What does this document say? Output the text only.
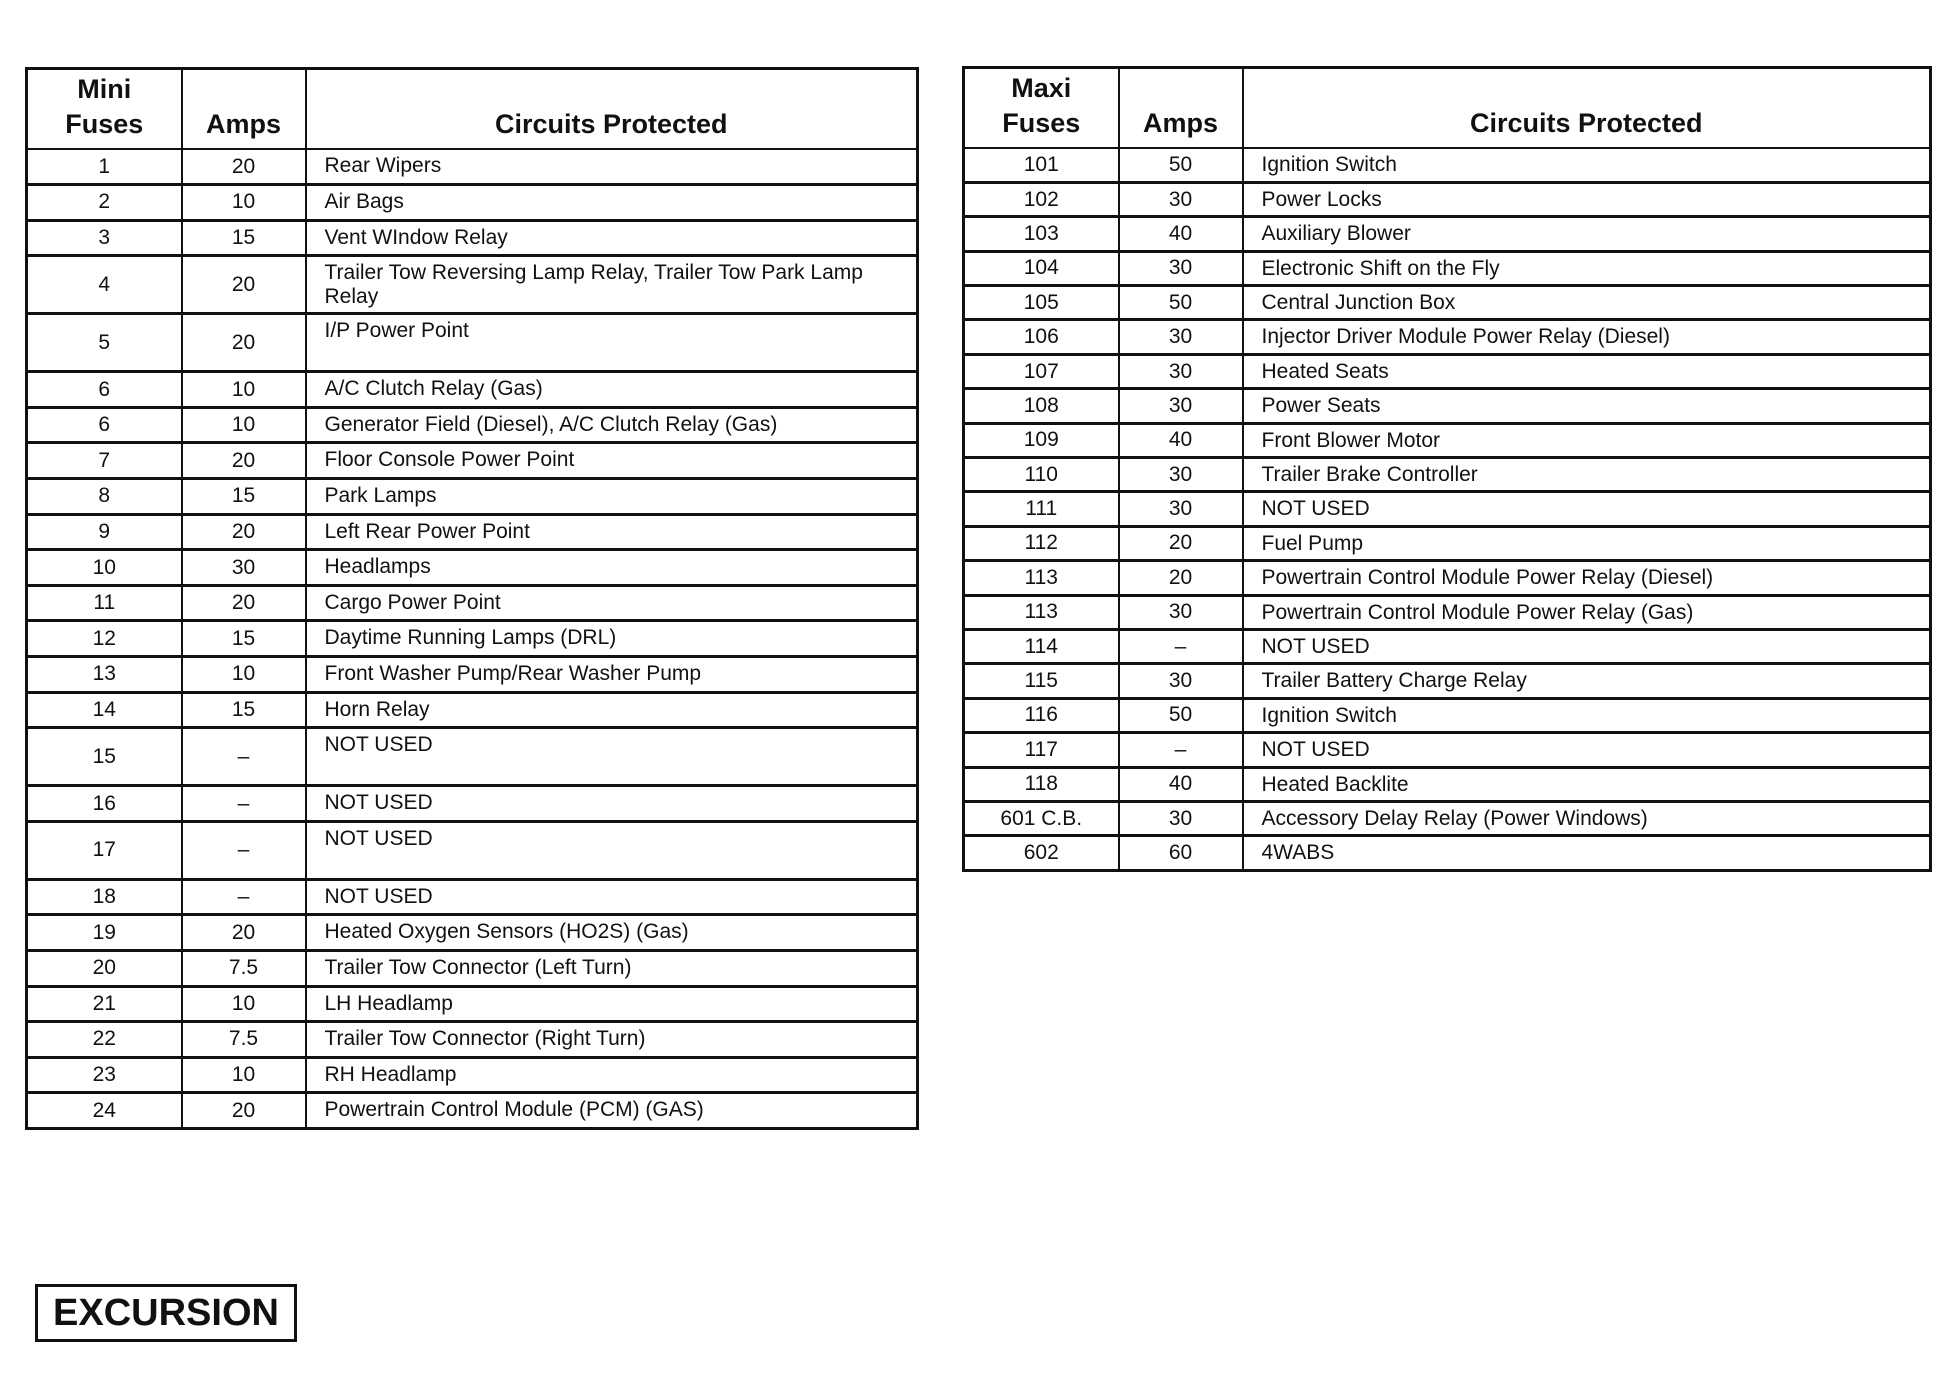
Mini
Fuses	Amps	Circuits Protected
1	20	Rear Wipers
2	10	Air Bags
3	15	Vent WIndow Relay
4	20	Trailer Tow Reversing Lamp Relay, Trailer Tow Park Lamp Relay
5	20	I/P Power Point
6	10	A/C Clutch Relay (Gas)
6	10	Generator Field (Diesel), A/C Clutch Relay (Gas)
7	20	Floor Console Power Point
8	15	Park Lamps
9	20	Left Rear Power Point
10	30	Headlamps
11	20	Cargo Power Point
12	15	Daytime Running Lamps (DRL)
13	10	Front Washer Pump/Rear Washer Pump
14	15	Horn Relay
15	–	NOT USED
16	–	NOT USED
17	–	NOT USED
18	–	NOT USED
19	20	Heated Oxygen Sensors (HO2S) (Gas)
20	7.5	Trailer Tow Connector (Left Turn)
21	10	LH Headlamp
22	7.5	Trailer Tow Connector (Right Turn)
23	10	RH Headlamp
24	20	Powertrain Control Module (PCM) (GAS)
Maxi
Fuses	Amps	Circuits Protected
101	50	Ignition Switch
102	30	Power Locks
103	40	Auxiliary Blower
104	30	Electronic Shift on the Fly
105	50	Central Junction Box
106	30	Injector Driver Module Power Relay (Diesel)
107	30	Heated Seats
108	30	Power Seats
109	40	Front Blower Motor
110	30	Trailer Brake Controller
111	30	NOT USED
112	20	Fuel Pump
113	20	Powertrain Control Module Power Relay (Diesel)
113	30	Powertrain Control Module Power Relay (Gas)
114	–	NOT USED
115	30	Trailer Battery Charge Relay
116	50	Ignition Switch
117	–	NOT USED
118	40	Heated Backlite
601 C.B.	30	Accessory Delay Relay (Power Windows)
602	60	4WABS
EXCURSION
